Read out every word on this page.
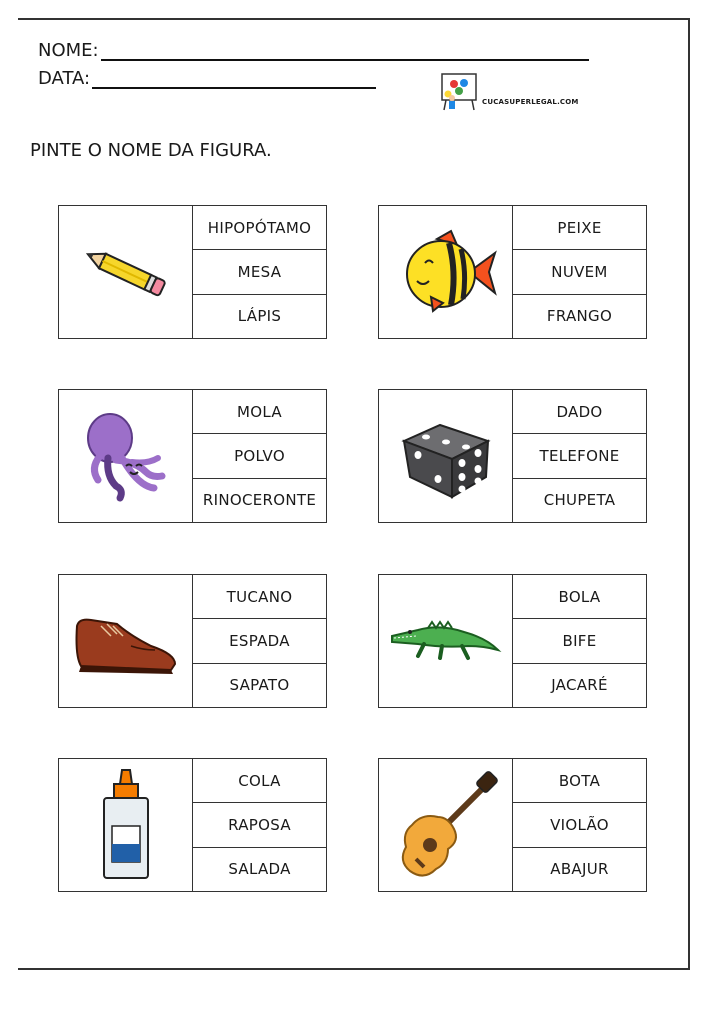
NOME:
DATA:
CUCASUPERLEGAL.COM
PINTE O NOME DA FIGURA.
HIPOPÓTAMO
MESA
LÁPIS
PEIXE
NUVEM
FRANGO
MOLA
POLVO
RINOCERONTE
DADO
TELEFONE
CHUPETA
TUCANO
ESPADA
SAPATO
BOLA
BIFE
JACARÉ
COLA
RAPOSA
SALADA
BOTA
VIOLÃO
ABAJUR
